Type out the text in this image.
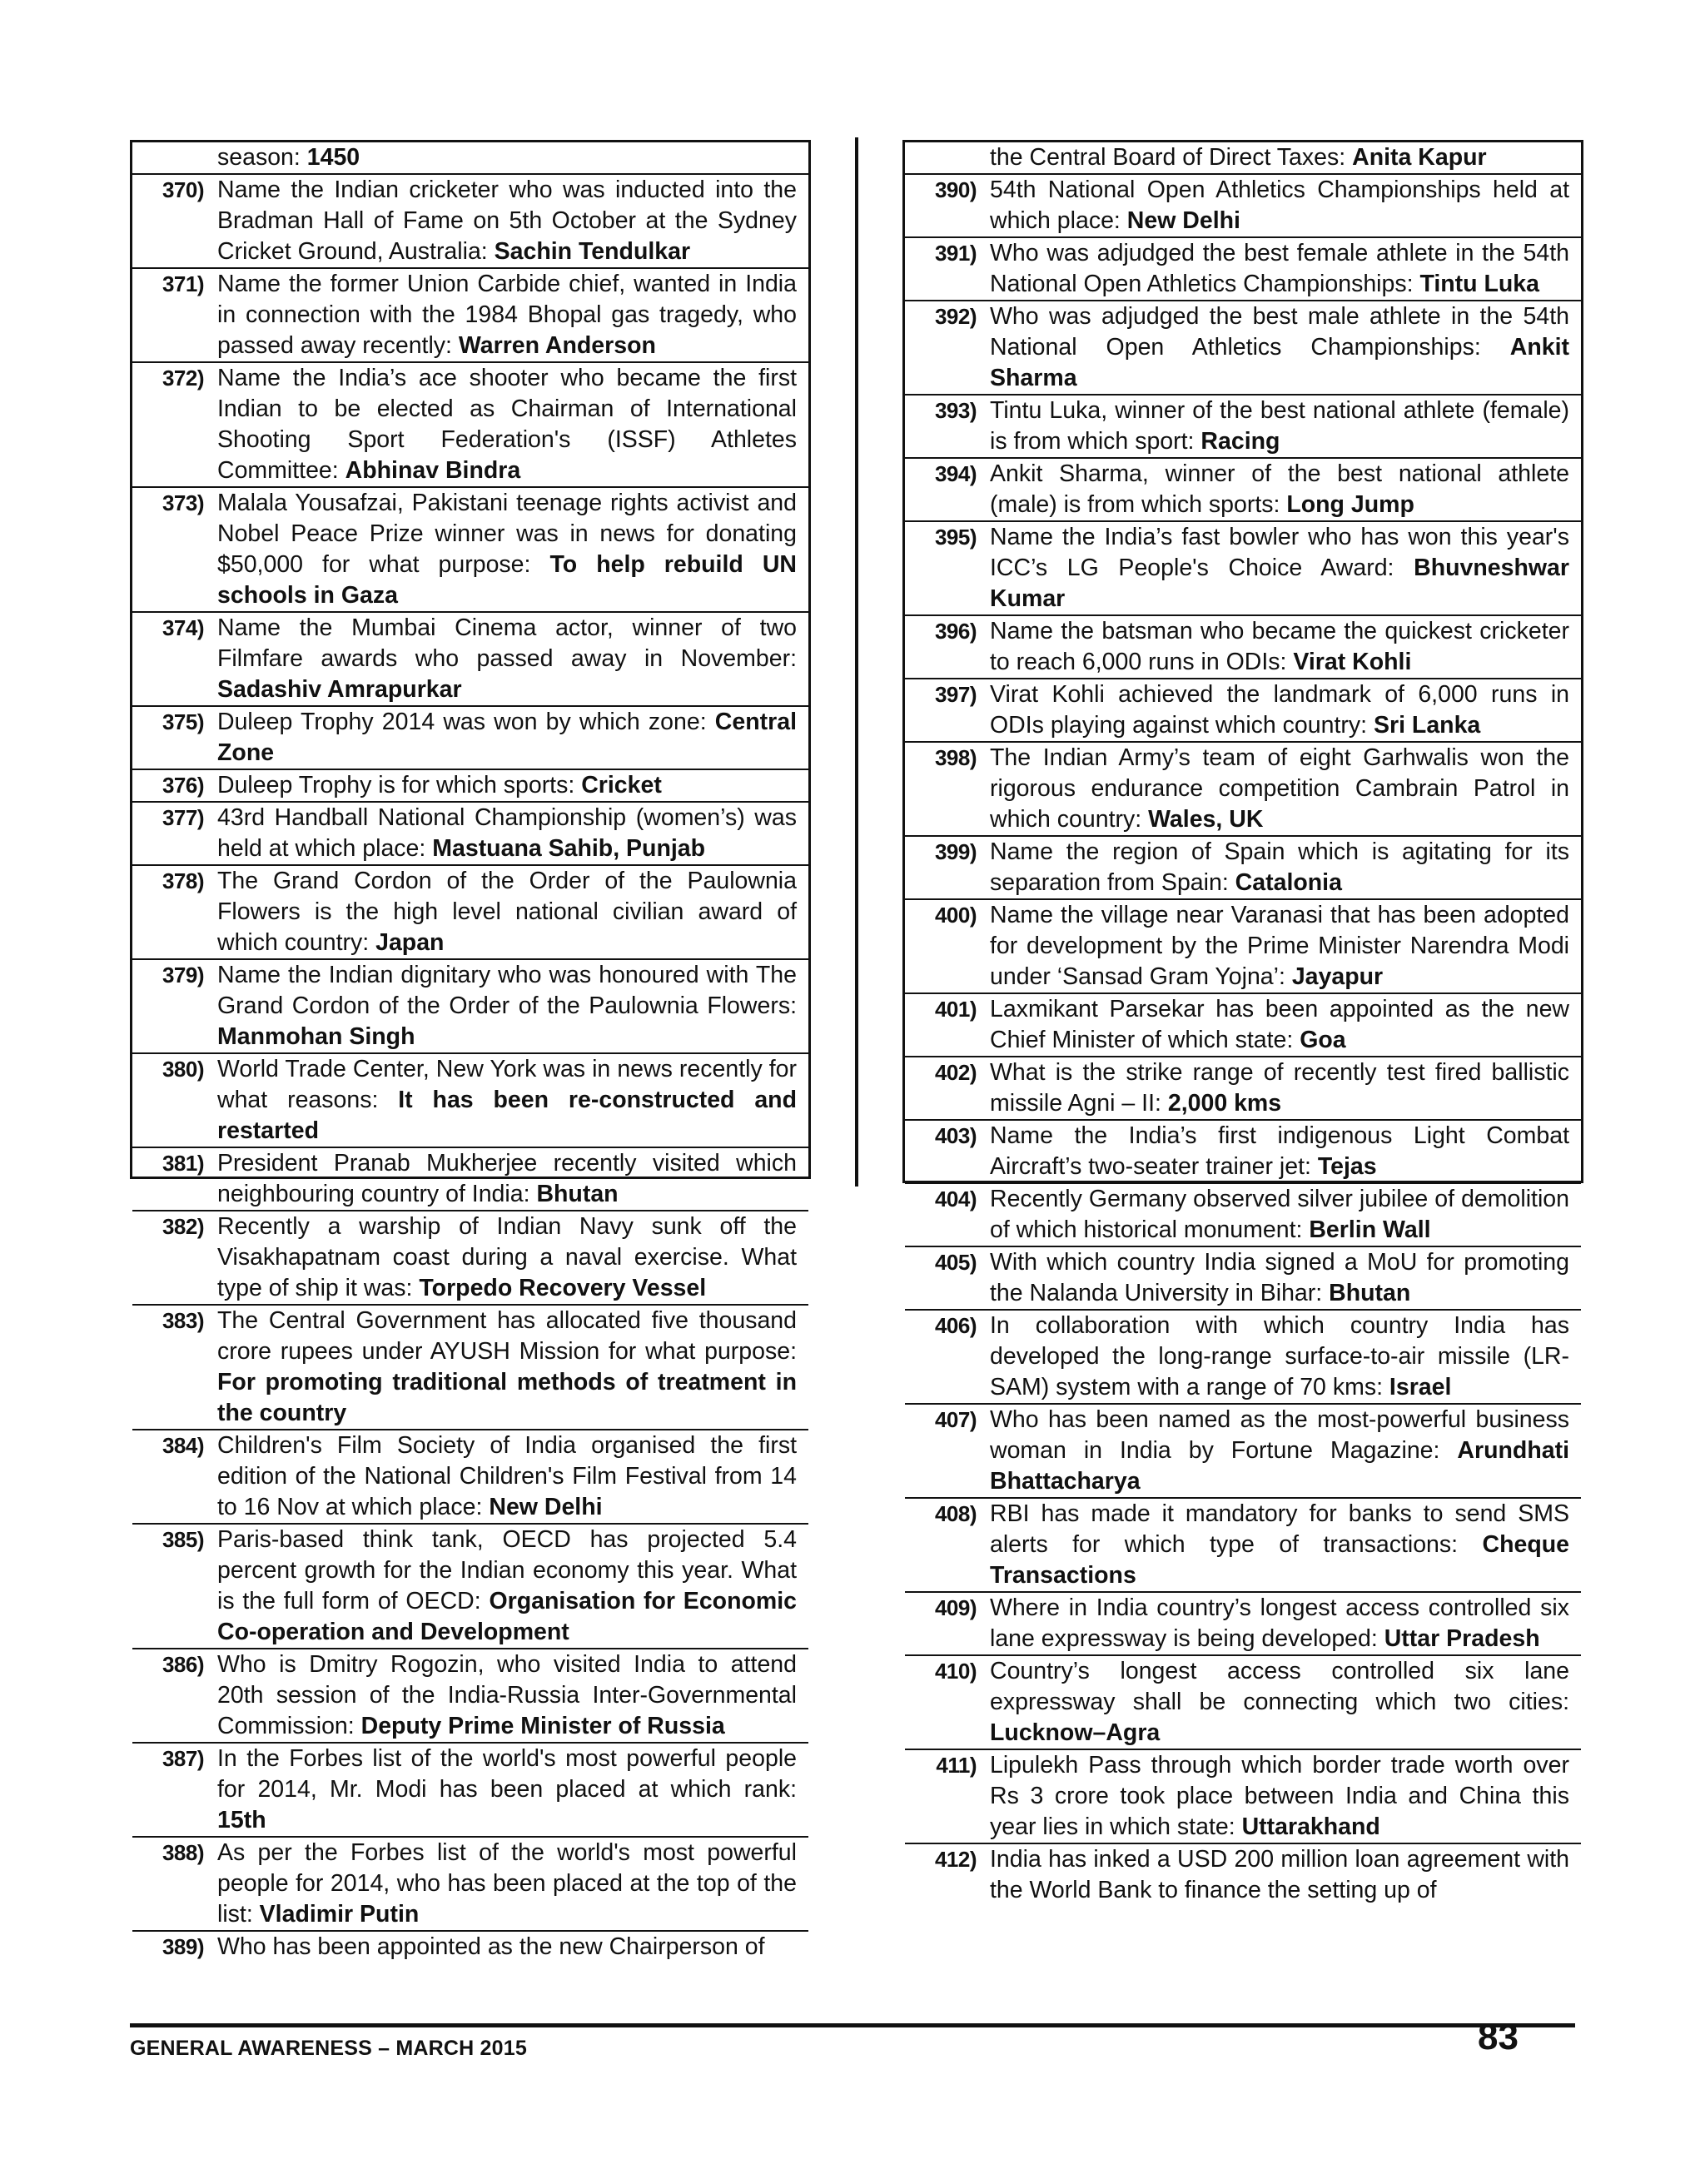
season: 1450
370) Name the Indian cricketer who was inducted into the Bradman Hall of Fame on 5th October at the Sydney Cricket Ground, Australia: Sachin Tendulkar
371) Name the former Union Carbide chief, wanted in India in connection with the 1984 Bhopal gas tragedy, who passed away recently: Warren Anderson
372) Name the India’s ace shooter who became the first Indian to be elected as Chairman of International Shooting Sport Federation's (ISSF) Athletes Committee: Abhinav Bindra
373) Malala Yousafzai, Pakistani teenage rights activist and Nobel Peace Prize winner was in news for donating $50,000 for what purpose: To help rebuild UN schools in Gaza
374) Name the Mumbai Cinema actor, winner of two Filmfare awards who passed away in November: Sadashiv Amrapurkar
375) Duleep Trophy 2014 was won by which zone: Central Zone
376) Duleep Trophy is for which sports: Cricket
377) 43rd Handball National Championship (women’s) was held at which place: Mastuana Sahib, Punjab
378) The Grand Cordon of the Order of the Paulownia Flowers is the high level national civilian award of which country: Japan
379) Name the Indian dignitary who was honoured with The Grand Cordon of the Order of the Paulownia Flowers: Manmohan Singh
380) World Trade Center, New York was in news recently for what reasons: It has been re-constructed and restarted
381) President Pranab Mukherjee recently visited which neighbouring country of India: Bhutan
382) Recently a warship of Indian Navy sunk off the Visakhapatnam coast during a naval exercise. What type of ship it was: Torpedo Recovery Vessel
383) The Central Government has allocated five thousand crore rupees under AYUSH Mission for what purpose: For promoting traditional methods of treatment in the country
384) Children's Film Society of India organised the first edition of the National Children's Film Festival from 14 to 16 Nov at which place: New Delhi
385) Paris-based think tank, OECD has projected 5.4 percent growth for the Indian economy this year. What is the full form of OECD: Organisation for Economic Co-operation and Development
386) Who is Dmitry Rogozin, who visited India to attend 20th session of the India-Russia Inter-Governmental Commission: Deputy Prime Minister of Russia
387) In the Forbes list of the world's most powerful people for 2014, Mr. Modi has been placed at which rank: 15th
388) As per the Forbes list of the world's most powerful people for 2014, who has been placed at the top of the list: Vladimir Putin
389) Who has been appointed as the new Chairperson of
the Central Board of Direct Taxes: Anita Kapur
390) 54th National Open Athletics Championships held at which place: New Delhi
391) Who was adjudged the best female athlete in the 54th National Open Athletics Championships: Tintu Luka
392) Who was adjudged the best male athlete in the 54th National Open Athletics Championships: Ankit Sharma
393) Tintu Luka, winner of the best national athlete (female) is from which sport: Racing
394) Ankit Sharma, winner of the best national athlete (male) is from which sports: Long Jump
395) Name the India’s fast bowler who has won this year's ICC’s LG People's Choice Award: Bhuvneshwar Kumar
396) Name the batsman who became the quickest cricketer to reach 6,000 runs in ODIs: Virat Kohli
397) Virat Kohli achieved the landmark of 6,000 runs in ODIs playing against which country: Sri Lanka
398) The Indian Army’s team of eight Garhwalis won the rigorous endurance competition Cambrain Patrol in which country: Wales, UK
399) Name the region of Spain which is agitating for its separation from Spain: Catalonia
400) Name the village near Varanasi that has been adopted for development by the Prime Minister Narendra Modi under ‘Sansad Gram Yojna’: Jayapur
401) Laxmikant Parsekar has been appointed as the new Chief Minister of which state: Goa
402) What is the strike range of recently test fired ballistic missile Agni – II: 2,000 kms
403) Name the India’s first indigenous Light Combat Aircraft’s two-seater trainer jet: Tejas
404) Recently Germany observed silver jubilee of demolition of which historical monument: Berlin Wall
405) With which country India signed a MoU for promoting the Nalanda University in Bihar: Bhutan
406) In collaboration with which country India has developed the long-range surface-to-air missile (LR-SAM) system with a range of 70 kms: Israel
407) Who has been named as the most-powerful business woman in India by Fortune Magazine: Arundhati Bhattacharya
408) RBI has made it mandatory for banks to send SMS alerts for which type of transactions: Cheque Transactions
409) Where in India country’s longest access controlled six lane expressway is being developed: Uttar Pradesh
410) Country’s longest access controlled six lane expressway shall be connecting which two cities: Lucknow–Agra
411) Lipulekh Pass through which border trade worth over Rs 3 crore took place between India and China this year lies in which state: Uttarakhand
412) India has inked a USD 200 million loan agreement with the World Bank to finance the setting up of
GENERAL AWARENESS – MARCH 2015	83
